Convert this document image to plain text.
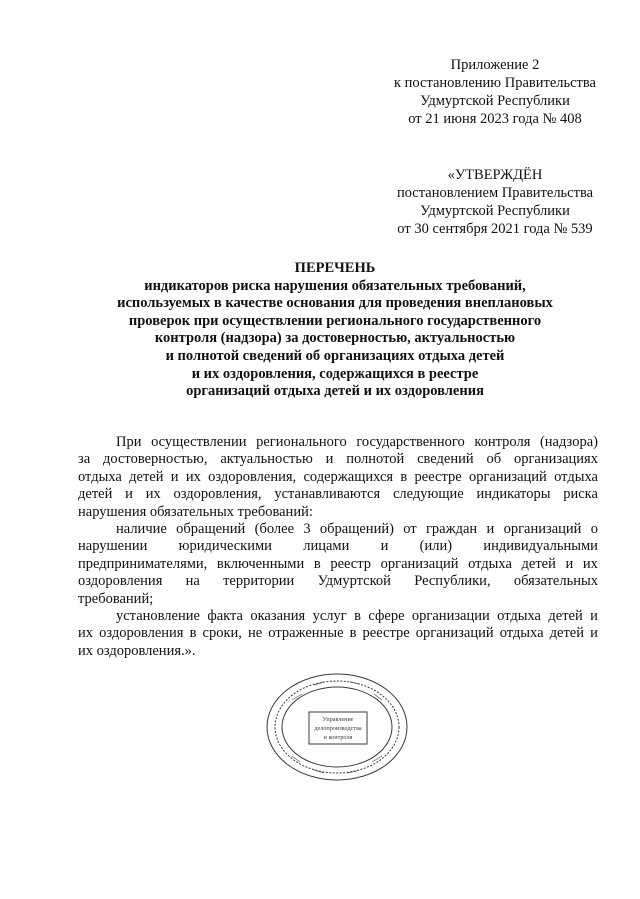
Приложение 2
к постановлению Правительства
Удмуртской Республики
от 21 июня 2023 года № 408
«УТВЕРЖДЁН
постановлением Правительства
Удмуртской Республики
от 30 сентября 2021 года № 539
ПЕРЕЧЕНЬ
индикаторов риска нарушения обязательных требований,
используемых в качестве основания для проведения внеплановых
проверок при осуществлении регионального государственного
контроля (надзора) за достоверностью, актуальностью
и полнотой сведений об организациях отдыха детей
и их оздоровления, содержащихся в реестре
организаций отдыха детей и их оздоровления
При осуществлении регионального государственного контроля (надзора)
за достоверностью, актуальностью и полнотой сведений об организациях
отдыха детей и их оздоровления, содержащихся в реестре организаций отдыха
детей и их оздоровления, устанавливаются следующие индикаторы риска
нарушения обязательных требований:
наличие обращений (более 3 обращений) от граждан и организаций о
нарушении юридическими лицами и (или) индивидуальными
предпринимателями, включенными в реестр организаций отдыха детей и их
оздоровления на территории Удмуртской Республики, обязательных
требований;
установление факта оказания услуг в сфере организации отдыха детей и
их оздоровления в сроки, не отраженные в реестре организаций отдыха детей и
их оздоровления.».
Управление
делопроизводства
и контроля
